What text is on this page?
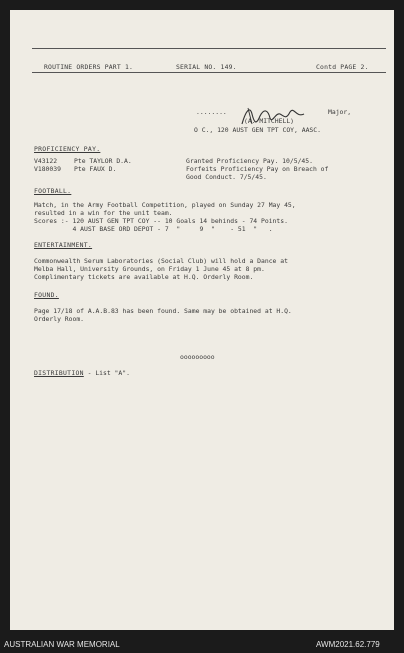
ROUTINE ORDERS PART 1.	SERIAL NO. 149.	Contd PAGE 2.
........	Major,
(A. MITCHELL)
O C., 120 AUST GEN TPT COY, AASC.
PROFICIENCY PAY.
V43122	Pte TAYLOR D.A.	Granted Proficiency Pay. 10/5/45.
V180039 Pte FAUX D.	Forfeits Proficiency Pay on Breach of
Good Conduct. 7/5/45.
FOOTBALL.
Match, in the Army Football Competition, played on Sunday 27 May 45,
resulted in a win for the unit team.
Scores :- 120 AUST GEN TPT COY -- 10 Goals 14 behinds - 74 Points.
4 AUST BASE ORD DEPOT - 7  "     9  "    - 51  "   .
ENTERTAINMENT.
Commonwealth Serum Laboratories (Social Club) will hold a Dance at
Melba Hall, University Grounds, on Friday 1 June 45 at 8 pm.
Complimentary tickets are available at H.Q. Orderly Room.
FOUND.
Page 17/18 of A.A.B.83 has been found. Same may be obtained at H.Q.
Orderly Room.
ooooooooo
DISTRIBUTION - List "A".
AUSTRALIAN WAR MEMORIAL	AWM2021.62.779
